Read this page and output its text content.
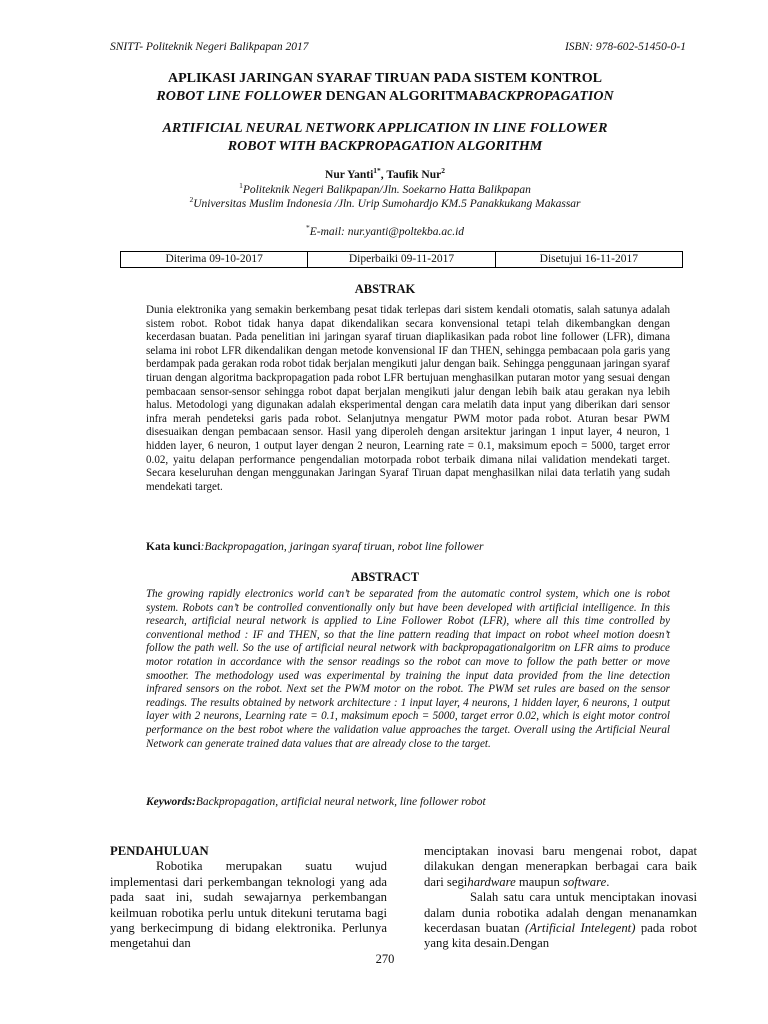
SNITT- Politeknik Negeri Balikpapan 2017	ISBN: 978-602-51450-0-1
APLIKASI JARINGAN SYARAF TIRUAN PADA SISTEM KONTROL
ROBOT LINE FOLLOWER DENGAN ALGORITMABACKPROPAGATION
ARTIFICIAL NEURAL NETWORK APPLICATION IN LINE FOLLOWER
ROBOT WITH BACKPROPAGATION ALGORITHM
Nur Yanti$^{1*}$, Taufik Nur$^2$
$^1$Politeknik Negeri Balikpapan/Jln. Soekarno Hatta Balikpapan
$^2$Universitas Muslim Indonesia /Jln. Urip Sumohardjo KM.5 Panakkukang Makassar
*E-mail: nur.yanti@poltekba.ac.id
Diterima 09-10-2017	Diperbaiki 09-11-2017	Disetujui 16-11-2017
ABSTRAK

Dunia elektronika yang semakin berkembang pesat tidak terlepas dari sistem kendali otomatis, salah satunya adalah sistem robot. Robot tidak hanya dapat dikendalikan secara konvensional tetapi telah dikembangkan dengan kecerdasan buatan. Pada penelitian ini jaringan syaraf tiruan diaplikasikan pada robot line follower (LFR), dimana selama ini robot LFR dikendalikan dengan metode konvensional IF dan THEN, sehingga pembacaan pola garis yang berdampak pada gerakan roda robot tidak berjalan mengikuti jalur dengan baik. Sehingga penggunaan jaringan syaraf tiruan dengan algoritma backpropagation pada robot LFR bertujuan menghasilkan putaran motor yang sesuai dengan pembacaan sensor-sensor sehingga robot dapat berjalan mengikuti jalur dengan lebih baik atau gerakan nya lebih halus. Metodologi yang digunakan adalah eksperimental dengan cara melatih data input yang diberikan dari sensor infra merah pendeteksi garis pada robot. Selanjutnya mengatur PWM motor pada robot. Aturan besar PWM disesuaikan dengan pembacaan sensor. Hasil yang diperoleh dengan arsitektur jaringan 1 input layer, 4 neuron, 1 hidden layer, 6 neuron, 1 output layer dengan 2 neuron, Learning rate = 0.1, maksimum epoch = 5000, target error 0.02, yaitu delapan performance pengendalian motorpada robot terbaik dimana nilai validation mendekati target. Secara keseluruhan dengan menggunakan Jaringan Syaraf Tiruan dapat menghasilkan nilai data terlatih yang sudah mendekati target.

Kata kunci:Backpropagation, jaringan syaraf tiruan, robot line follower
ABSTRACT

The growing rapidly electronics world can’t be separated from the automatic control system, which one is robot system. Robots can’t be controlled conventionally only but have been developed with artificial intelligence. In this research, artificial neural network is applied to Line Follower Robot (LFR), where all this time controlled by conventional method : IF and THEN, so that the line pattern reading that impact on robot wheel motion doesn’t follow the path well. So the use of artificial neural network with backpropagationalgoritm on LFR aims to produce motor rotation in accordance with the sensor readings so the robot can move to follow the path better or move smoother. The methodology used was experimental by training the input data provided from the line detection infrared sensors on the robot. Next set the PWM motor on the robot. The PWM set rules are based on the sensor readings. The results obtained by network architecture : 1 input layer, 4 neurons, 1 hidden layer, 6 neurons, 1 output layer with 2 neurons, Learning rate = 0.1, maksimum epoch = 5000, target error 0.02, which is eight motor control performance on the best robot where the validation value approaches the target. Overall using the Artificial Neural Network can generate trained data values that are already close to the target.

Keywords:Backpropagation, artificial neural network, line follower robot
PENDAHULUAN

Robotika merupakan suatu wujud implementasi dari perkembangan teknologi yang ada pada saat ini, sudah sewajarnya perkembangan keilmuan robotika perlu untuk ditekuni terutama bagi yang berkecimpung di bidang elektronika. Perlunya mengetahui dan

menciptakan inovasi baru mengenai robot, dapat dilakukan dengan menerapkan berbagai cara baik dari segihardware maupun software.

Salah satu cara untuk menciptakan inovasi dalam dunia robotika adalah dengan menanamkan kecerdasan buatan (Artificial Intelegent) pada robot yang kita desain.Dengan

270
